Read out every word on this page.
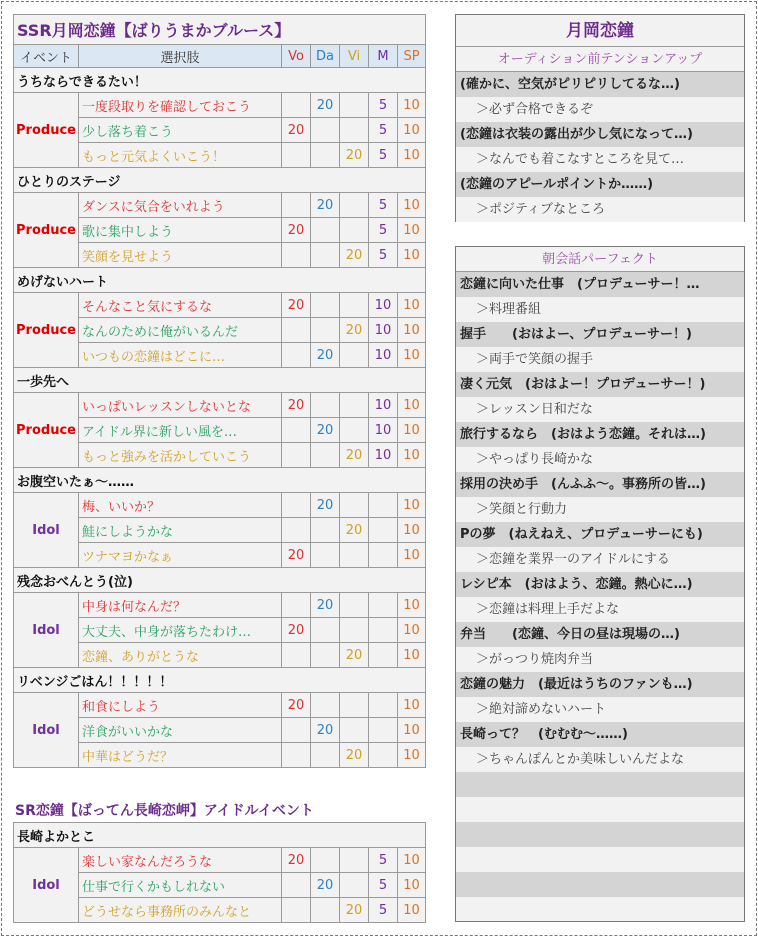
SSR月岡恋鐘【ばりうまかブルース】						
イベント	選択肢	Vo	Da	Vi	M	SP
うちならできるたい！						
Produce	一度段取りを確認しておこう		20		5	10
	少し落ち着こう	20			5	10
	もっと元気よくいこう！			20	5	10
ひとりのステージ						
Produce	ダンスに気合をいれよう		20		5	10
	歌に集中しよう	20			5	10
	笑顔を見せよう			20	5	10
めげないハート						
Produce	そんなこと気にするな	20			10	10
	なんのために俺がいるんだ			20	10	10
	いつもの恋鐘はどこに…		20		10	10
一歩先へ						
Produce	いっぱいレッスンしないとな	20			10	10
	アイドル界に新しい風を…		20		10	10
	もっと強みを活かしていこう			20	10	10
お腹空いたぁ〜……						
Idol	梅、いいか？		20			10
	鮭にしようかな			20		10
	ツナマヨかなぁ	20				10
残念おべんとう(泣)						
Idol	中身は何なんだ？		20			10
	大丈夫、中身が落ちたわけ…	20				10
	恋鐘、ありがとうな			20		10
リベンジごはん！！！！！						
Idol	和食にしよう	20				10
	洋食がいいかな		20			10
	中華はどうだ？			20		10
SR恋鐘【ばってん長崎恋岬】アイドルイベント
長崎よかとこ						
Idol	楽しい家なんだろうな	20			5	10
	仕事で行くかもしれない		20		5	10
	どうせなら事務所のみんなと			20	5	10
月岡恋鐘
オーディション前テンションアップ
(確かに、空気がピリピリしてるな…)
＞必ず合格できるぞ
(恋鐘は衣装の露出が少し気になって…)
＞なんでも着こなすところを見て…
(恋鐘のアピールポイントか……)
＞ポジティブなところ
朝会話パーフェクト
恋鐘に向いた仕事　(プロデューサー！…
＞料理番組
握手　　(おはよー、プロデューサー！)
＞両手で笑顔の握手
凄く元気　(おはよー！プロデューサー！)
＞レッスン日和だな
旅行するなら　(おはよう恋鐘。それは…)
＞やっぱり長崎かな
採用の決め手　(んふふ〜。事務所の皆…)
＞笑顔と行動力
Pの夢　(ねえねえ、プロデューサーにも)
＞恋鐘を業界一のアイドルにする
レシピ本　(おはよう、恋鐘。熱心に…)
＞恋鐘は料理上手だよな
弁当　　(恋鐘、今日の昼は現場の…)
＞がっつり焼肉弁当
恋鐘の魅力　(最近はうちのファンも…)
＞絶対諦めないハート
長崎って？　(むむむ〜……)
＞ちゃんぽんとか美味しいんだよな
